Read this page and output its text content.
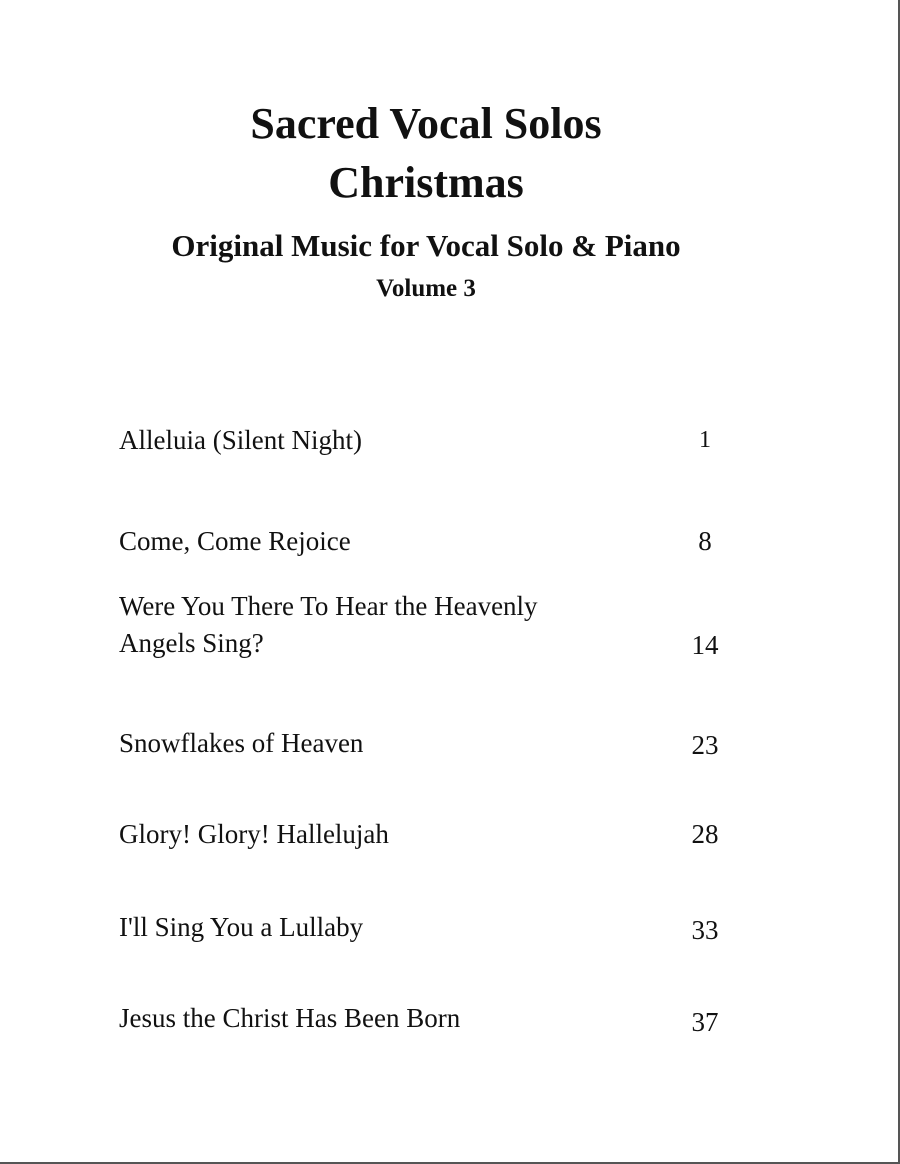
Sacred Vocal Solos
Christmas
Original Music for Vocal Solo & Piano
Volume 3
Alleluia (Silent Night)	1
Come, Come Rejoice	8
Were You There To Hear the Heavenly
Angels Sing?	14
Snowflakes of Heaven	23
Glory! Glory! Hallelujah	28
I'll Sing You a Lullaby	33
Jesus the Christ Has Been Born	37
